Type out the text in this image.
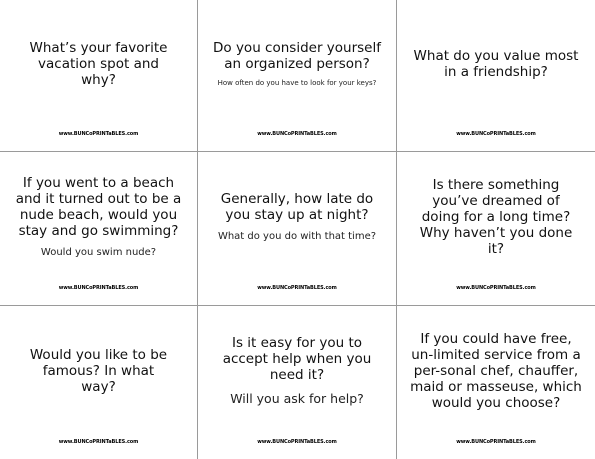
What’s your favorite vacation spot and why?

www.BUNCoPRINTaBLES.com

Do you consider yourself an organized person?

How often do you have to look for your keys?

www.BUNCoPRINTaBLES.com

What do you value most in a friendship?

www.BUNCoPRINTaBLES.com

If you went to a beach and it turned out to be a nude beach, would you stay and go swimming?

Would you swim nude?

www.BUNCoPRINTaBLES.com

Generally, how late do you stay up at night?

What do you do with that time?

www.BUNCoPRINTaBLES.com

Is there something you’ve dreamed of doing for a long time? Why haven’t you done it?

www.BUNCoPRINTaBLES.com

Would you like to be famous? In what way?

www.BUNCoPRINTaBLES.com

Is it easy for you to accept help when you need it?

Will you ask for help?

www.BUNCoPRINTaBLES.com

If you could have free, un-limited service from a per-sonal chef, chauffer, maid or masseuse, which would you choose?

www.BUNCoPRINTaBLES.com
